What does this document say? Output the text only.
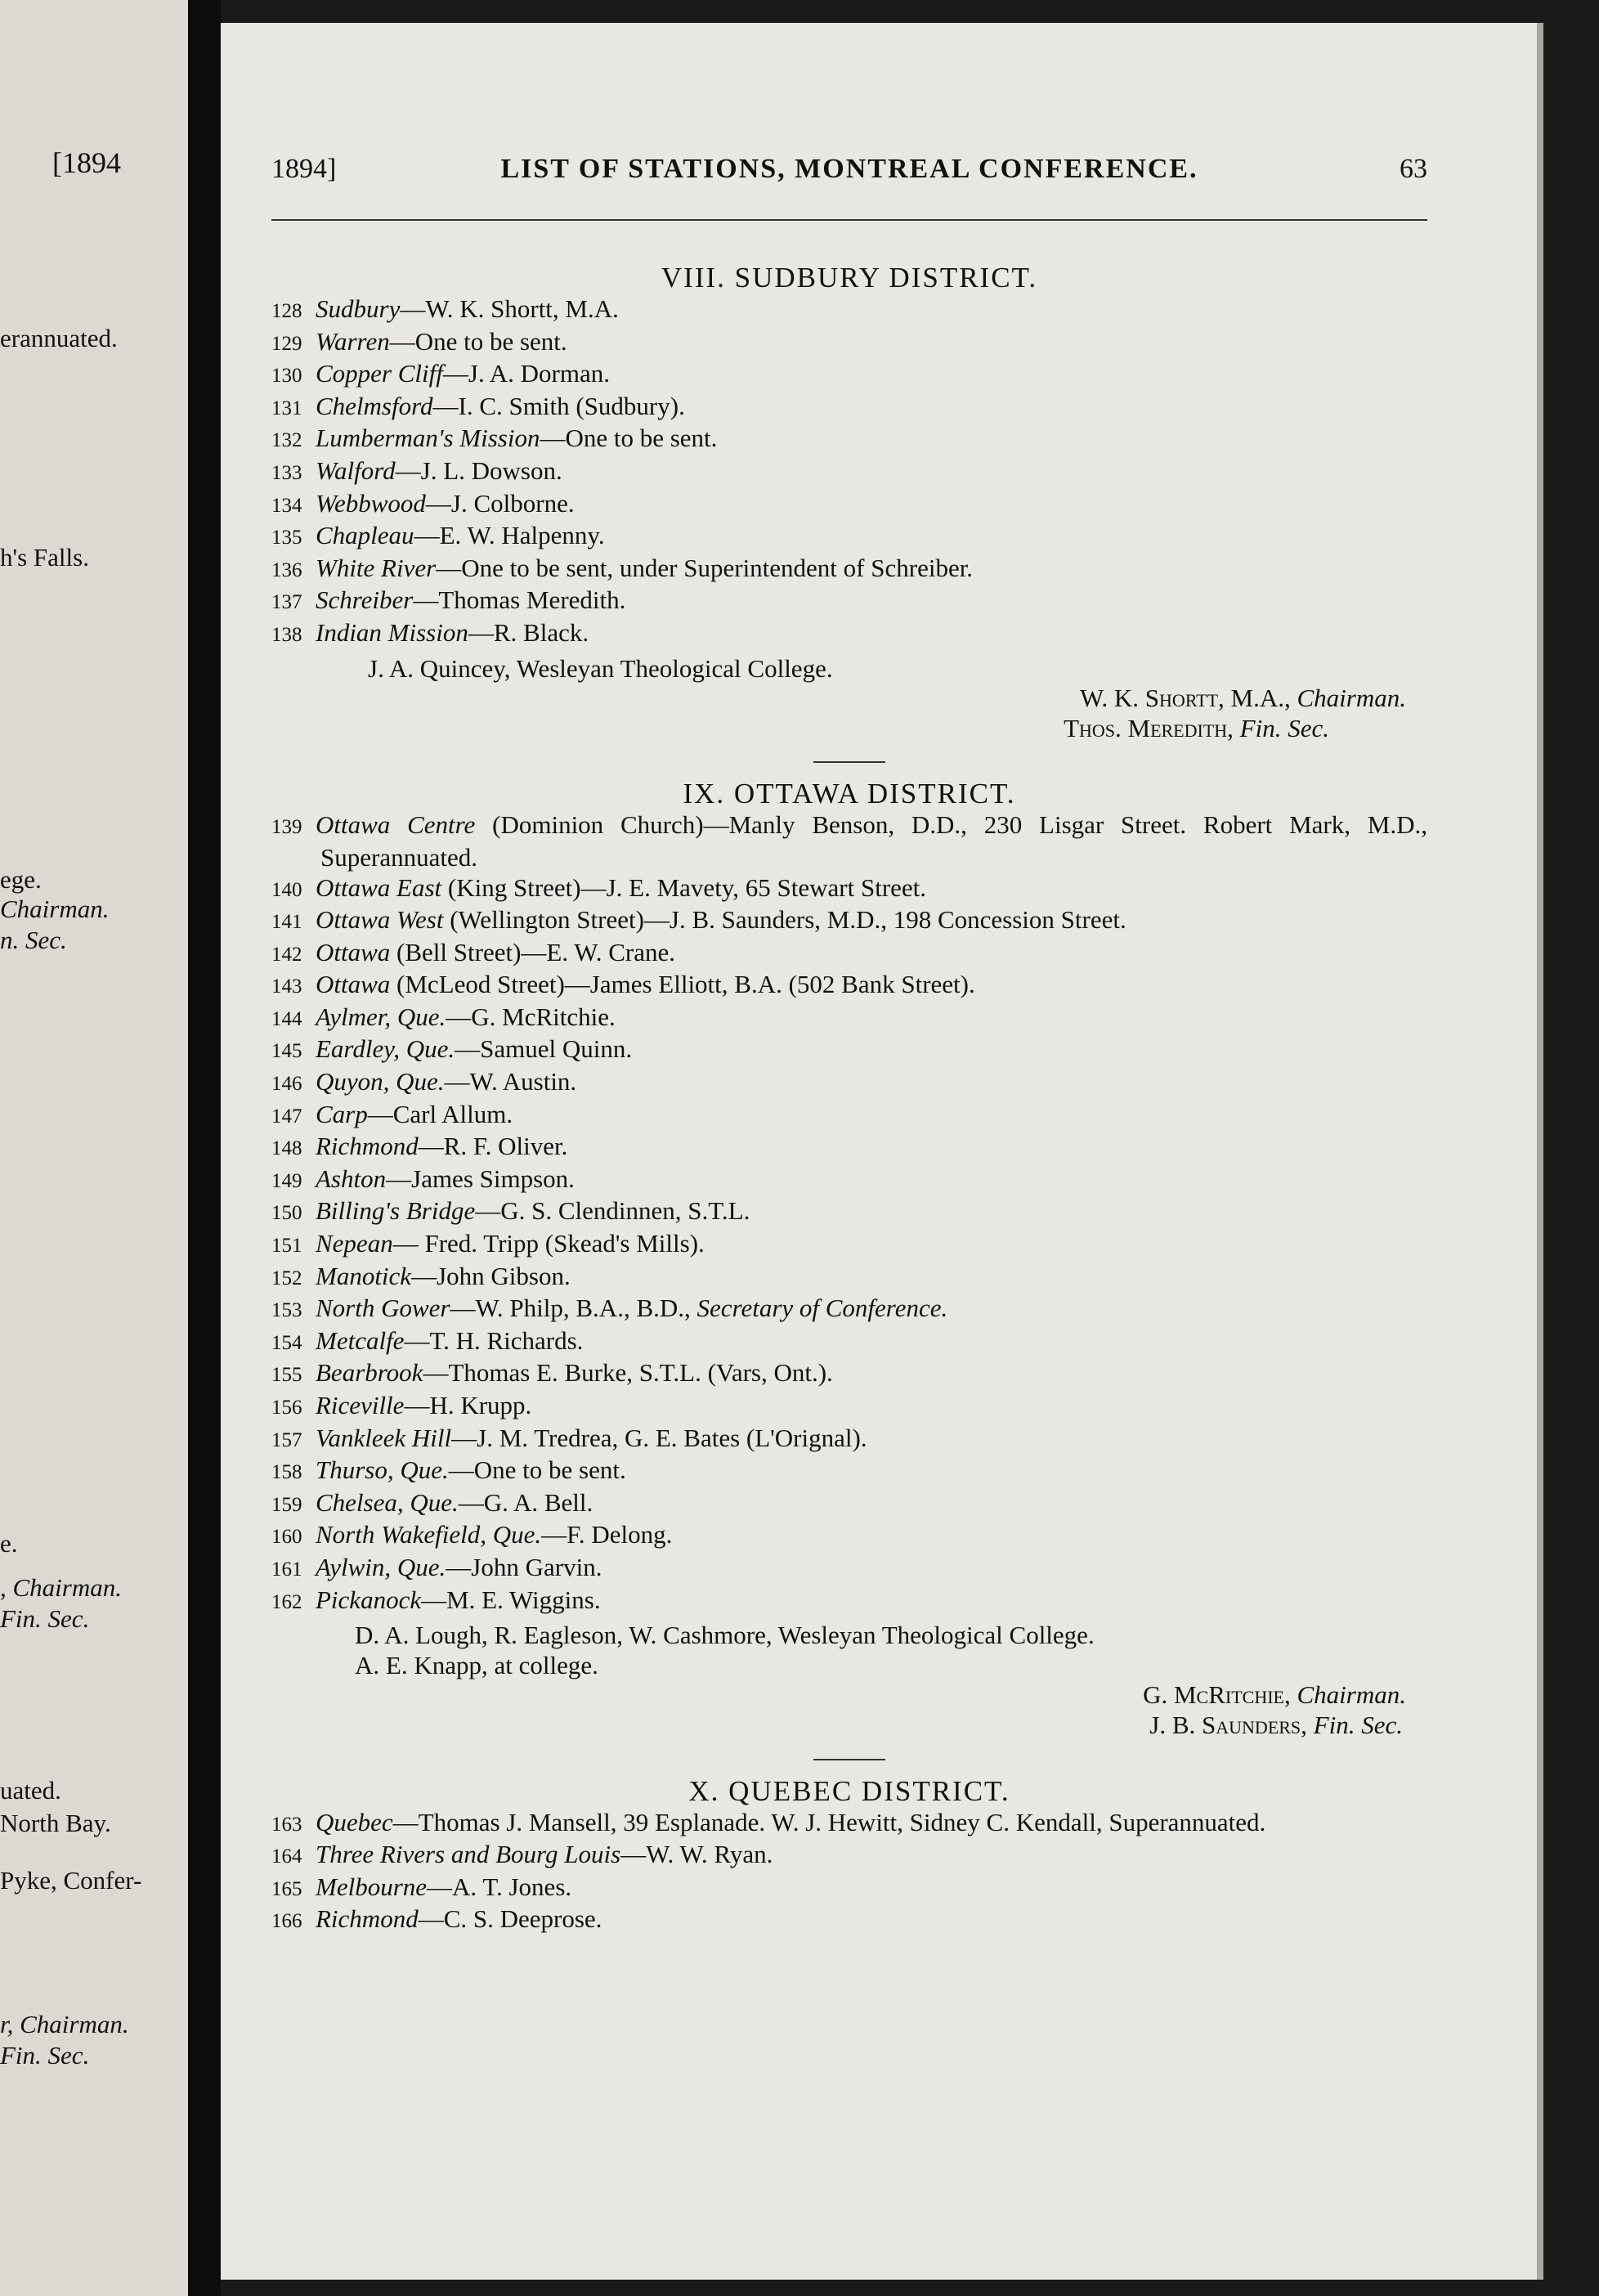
[1894
erannuated.
h's Falls.
ege.
Chairman.
n. Sec.
e.
, Chairman.
Fin. Sec.
uated.
North Bay.
Pyke, Confer-
r, Chairman.
Fin. Sec.
1894]	LIST OF STATIONS, MONTREAL CONFERENCE.	63

VIII. SUDBURY DISTRICT.

128 Sudbury—W. K. Shortt, M.A.

129 Warren—One to be sent.

130 Copper Cliff—J. A. Dorman.

131 Chelmsford—I. C. Smith (Sudbury).

132 Lumberman's Mission—One to be sent.

133 Walford—J. L. Dowson.

134 Webbwood—J. Colborne.

135 Chapleau—E. W. Halpenny.

136 White River—One to be sent, under Superintendent of Schreiber.

137 Schreiber—Thomas Meredith.

138 Indian Mission—R. Black.

J. A. Quincey, Wesleyan Theological College.

W. K. Shortt, M.A., Chairman.

Thos. Meredith, Fin. Sec.

IX. OTTAWA DISTRICT.

139 Ottawa Centre (Dominion Church)—Manly Benson, D.D., 230 Lisgar Street. Robert Mark, M.D., Superannuated.

140 Ottawa East (King Street)—J. E. Mavety, 65 Stewart Street.

141 Ottawa West (Wellington Street)—J. B. Saunders, M.D., 198 Concession Street.

142 Ottawa (Bell Street)—E. W. Crane.

143 Ottawa (McLeod Street)—James Elliott, B.A. (502 Bank Street).

144 Aylmer, Que.—G. McRitchie.

145 Eardley, Que.—Samuel Quinn.

146 Quyon, Que.—W. Austin.

147 Carp—Carl Allum.

148 Richmond—R. F. Oliver.

149 Ashton—James Simpson.

150 Billing's Bridge—G. S. Clendinnen, S.T.L.

151 Nepean— Fred. Tripp (Skead's Mills).

152 Manotick—John Gibson.

153 North Gower—W. Philp, B.A., B.D., Secretary of Conference.

154 Metcalfe—T. H. Richards.

155 Bearbrook—Thomas E. Burke, S.T.L. (Vars, Ont.).

156 Riceville—H. Krupp.

157 Vankleek Hill—J. M. Tredrea, G. E. Bates (L'Orignal).

158 Thurso, Que.—One to be sent.

159 Chelsea, Que.—G. A. Bell.

160 North Wakefield, Que.—F. Delong.

161 Aylwin, Que.—John Garvin.

162 Pickanock—M. E. Wiggins.

D. A. Lough, R. Eagleson, W. Cashmore, Wesleyan Theological College.

A. E. Knapp, at college.

G. McRitchie, Chairman.

J. B. Saunders, Fin. Sec.

X. QUEBEC DISTRICT.

163 Quebec—Thomas J. Mansell, 39 Esplanade. W. J. Hewitt, Sidney C. Kendall, Superannuated.

164 Three Rivers and Bourg Louis—W. W. Ryan.

165 Melbourne—A. T. Jones.

166 Richmond—C. S. Deeprose.
